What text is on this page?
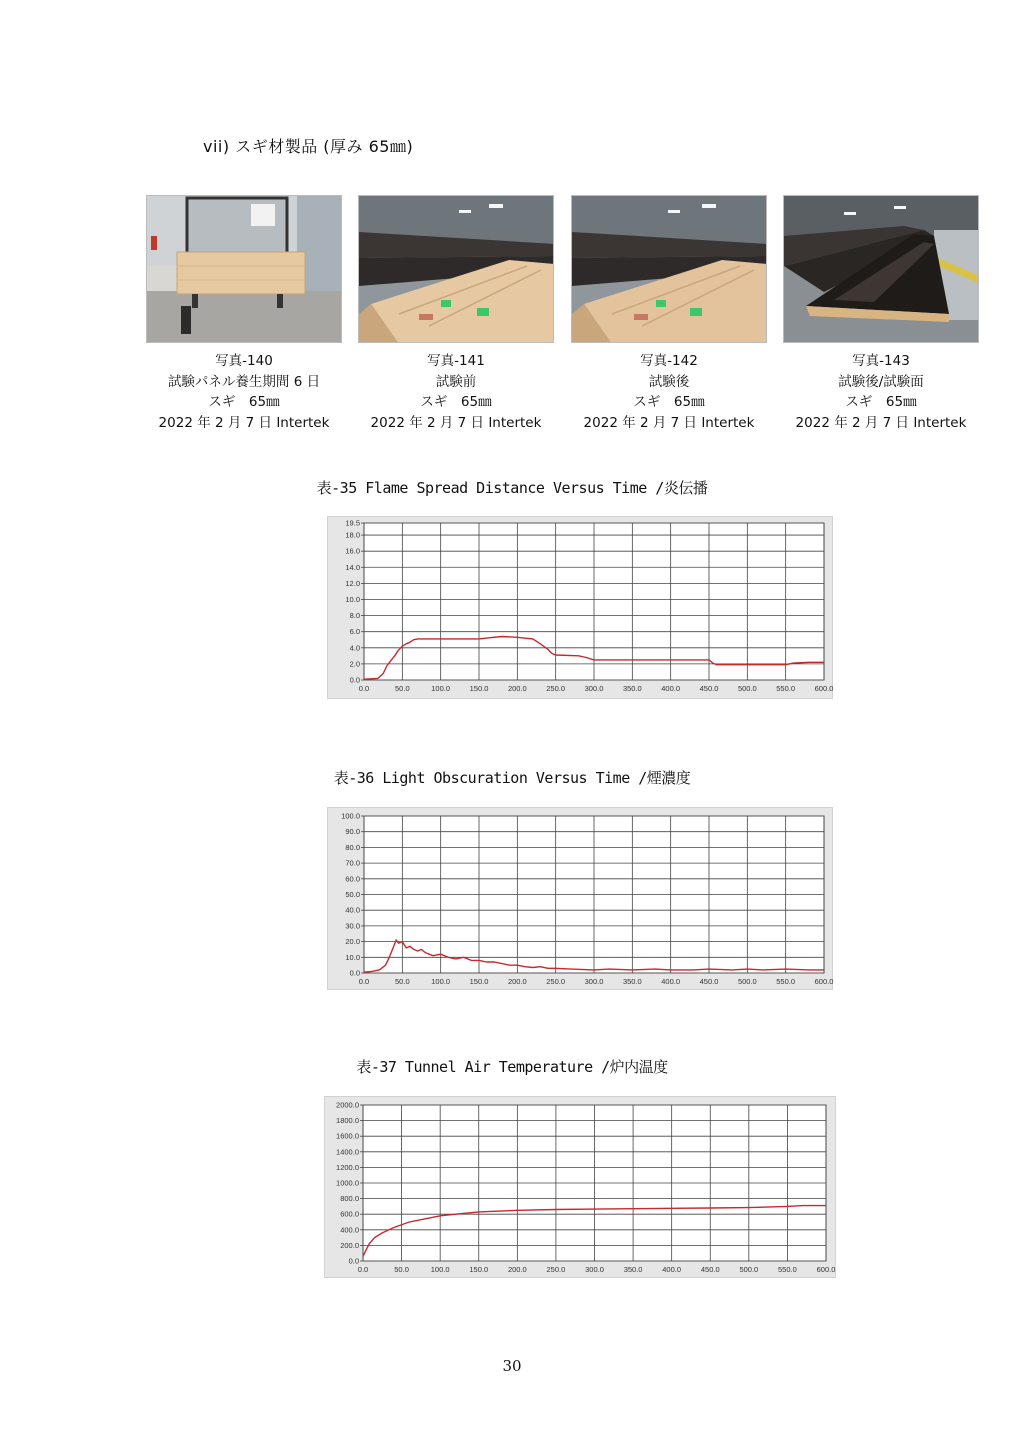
vii) スギ材製品 (厚み 65㎜)
写真-140
試験パネル養生期間 6 日
スギ　65㎜
2022 年 2 月 7 日 Intertek
写真-141
試験前
スギ　65㎜
2022 年 2 月 7 日 Intertek
写真-142
試験後
スギ　65㎜
2022 年 2 月 7 日 Intertek
写真-143
試験後/試験面
スギ　65㎜
2022 年 2 月 7 日 Intertek
表-35 Flame Spread Distance Versus Time /炎伝播
表-36 Light Obscuration Versus Time /煙濃度
表-37 Tunnel Air Temperature /炉内温度
0.0	50.0	100.0	150.0	200.0	250.0	300.0	350.0	400.0	450.0	500.0	550.0	600.0
0.0
2.0
4.0
6.0
8.0
10.0
12.0
14.0
16.0
18.0
19.5
0.0	50.0	100.0	150.0	200.0	250.0	300.0	350.0	400.0	450.0	500.0	550.0	600.0
0.0
10.0
20.0
30.0
40.0
50.0
60.0
70.0
80.0
90.0
100.0
0.0	50.0	100.0	150.0	200.0	250.0	300.0	350.0	400.0	450.0	500.0	550.0	600.0
0.0
200.0
400.0
600.0
800.0
1000.0
1200.0
1400.0
1600.0
1800.0
2000.0
30
